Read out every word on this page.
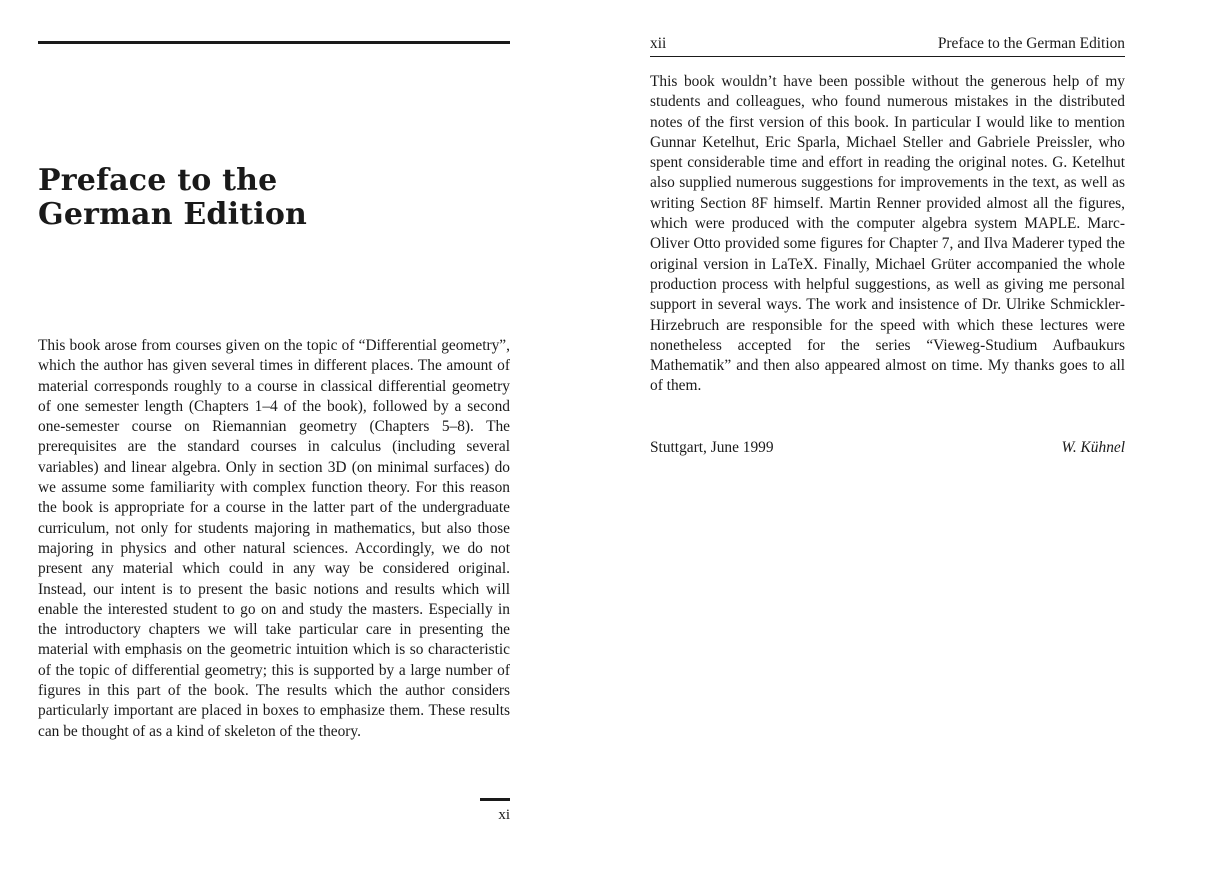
Preface to the
German Edition

This book arose from courses given on the topic of “Differential geometry”, which the author has given several times in different places. The amount of material corresponds roughly to a course in classical differential geometry of one semester length (Chapters 1–4 of the book), followed by a second one-semester course on Riemannian geometry (Chapters 5–8). The prerequisites are the standard courses in calculus (including several variables) and linear algebra. Only in section 3D (on minimal surfaces) do we assume some familiarity with complex function theory. For this reason the book is appropriate for a course in the latter part of the undergraduate curriculum, not only for students majoring in mathematics, but also those majoring in physics and other natural sciences. Accordingly, we do not present any material which could in any way be considered original. Instead, our intent is to present the basic notions and results which will enable the interested student to go on and study the masters. Especially in the introductory chapters we will take particular care in presenting the material with emphasis on the geometric intuition which is so characteristic of the topic of differential geometry; this is supported by a large number of figures in this part of the book. The results which the author considers particularly important are placed in boxes to emphasize them. These results can be thought of as a kind of skeleton of the theory.

xi
xii	Preface to the German Edition

This book wouldn’t have been possible without the generous help of my students and colleagues, who found numerous mistakes in the distributed notes of the first version of this book. In particular I would like to mention Gunnar Ketelhut, Eric Sparla, Michael Steller and Gabriele Preissler, who spent considerable time and effort in reading the original notes. G. Ketelhut also supplied numerous suggestions for improvements in the text, as well as writing Section 8F himself. Martin Renner provided almost all the figures, which were produced with the computer algebra system MAPLE. Marc-Oliver Otto provided some figures for Chapter 7, and Ilva Maderer typed the original version in LaTeX. Finally, Michael Grüter accompanied the whole production process with helpful suggestions, as well as giving me personal support in several ways. The work and insistence of Dr. Ulrike Schmickler-Hirzebruch are responsible for the speed with which these lectures were nonetheless accepted for the series “Vieweg-Studium Aufbaukurs Mathematik” and then also appeared almost on time. My thanks goes to all of them.

Stuttgart, June 1999	W. Kühnel
